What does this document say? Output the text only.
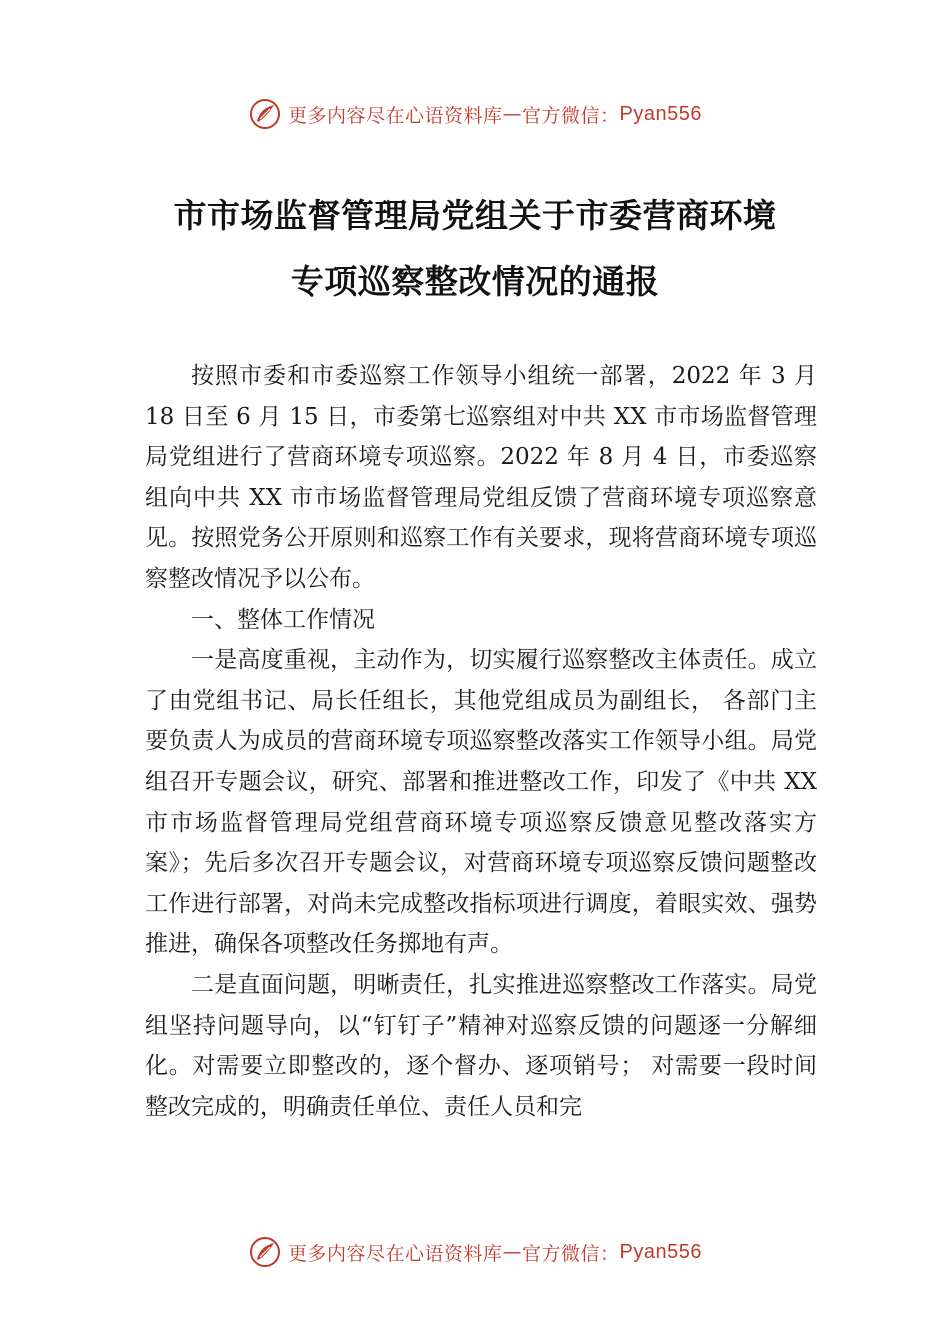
更多内容尽在心语资料库 — 官方微信： Pyan556
市市场监督管理局党组关于市委营商环境
专项巡察整改情况的通报

按照市委和市委巡察工作领导小组统一部署，2022 年 3 月 18 日至 6 月 15 日，市委第七巡察组对中共 XX 市市场监督管理局党组进行了营商环境专项巡察。2022 年 8 月 4 日，市委巡察组向中共 XX 市市场监督管理局党组反馈了营商环境专项巡察意见。按照党务公开原则和巡察工作有关要求，现将营商环境专项巡察整改情况予以公布。

一、整体工作情况

一是高度重视，主动作为，切实履行巡察整改主体责任。成立了由党组书记、局长任组长，其他党组成员为副组长， 各部门主要负责人为成员的营商环境专项巡察整改落实工作领导小组。局党组召开专题会议，研究、部署和推进整改工作，印发了《中共 XX 市市场监督管理局党组营商环境专项巡察反馈意见整改落实方案》；先后多次召开专题会议，对营商环境专项巡察反馈问题整改工作进行部署，对尚未完成整改指标项进行调度，着眼实效、强势推进，确保各项整改任务掷地有声。

二是直面问题，明晰责任，扎实推进巡察整改工作落实。局党组坚持问题导向，以“钉钉子”精神对巡察反馈的问题逐一分解细化。对需要立即整改的，逐个督办、逐项销号； 对需要一段时间整改完成的，明确责任单位、责任人员和完

更多内容尽在心语资料库 — 官方微信： Pyan556
